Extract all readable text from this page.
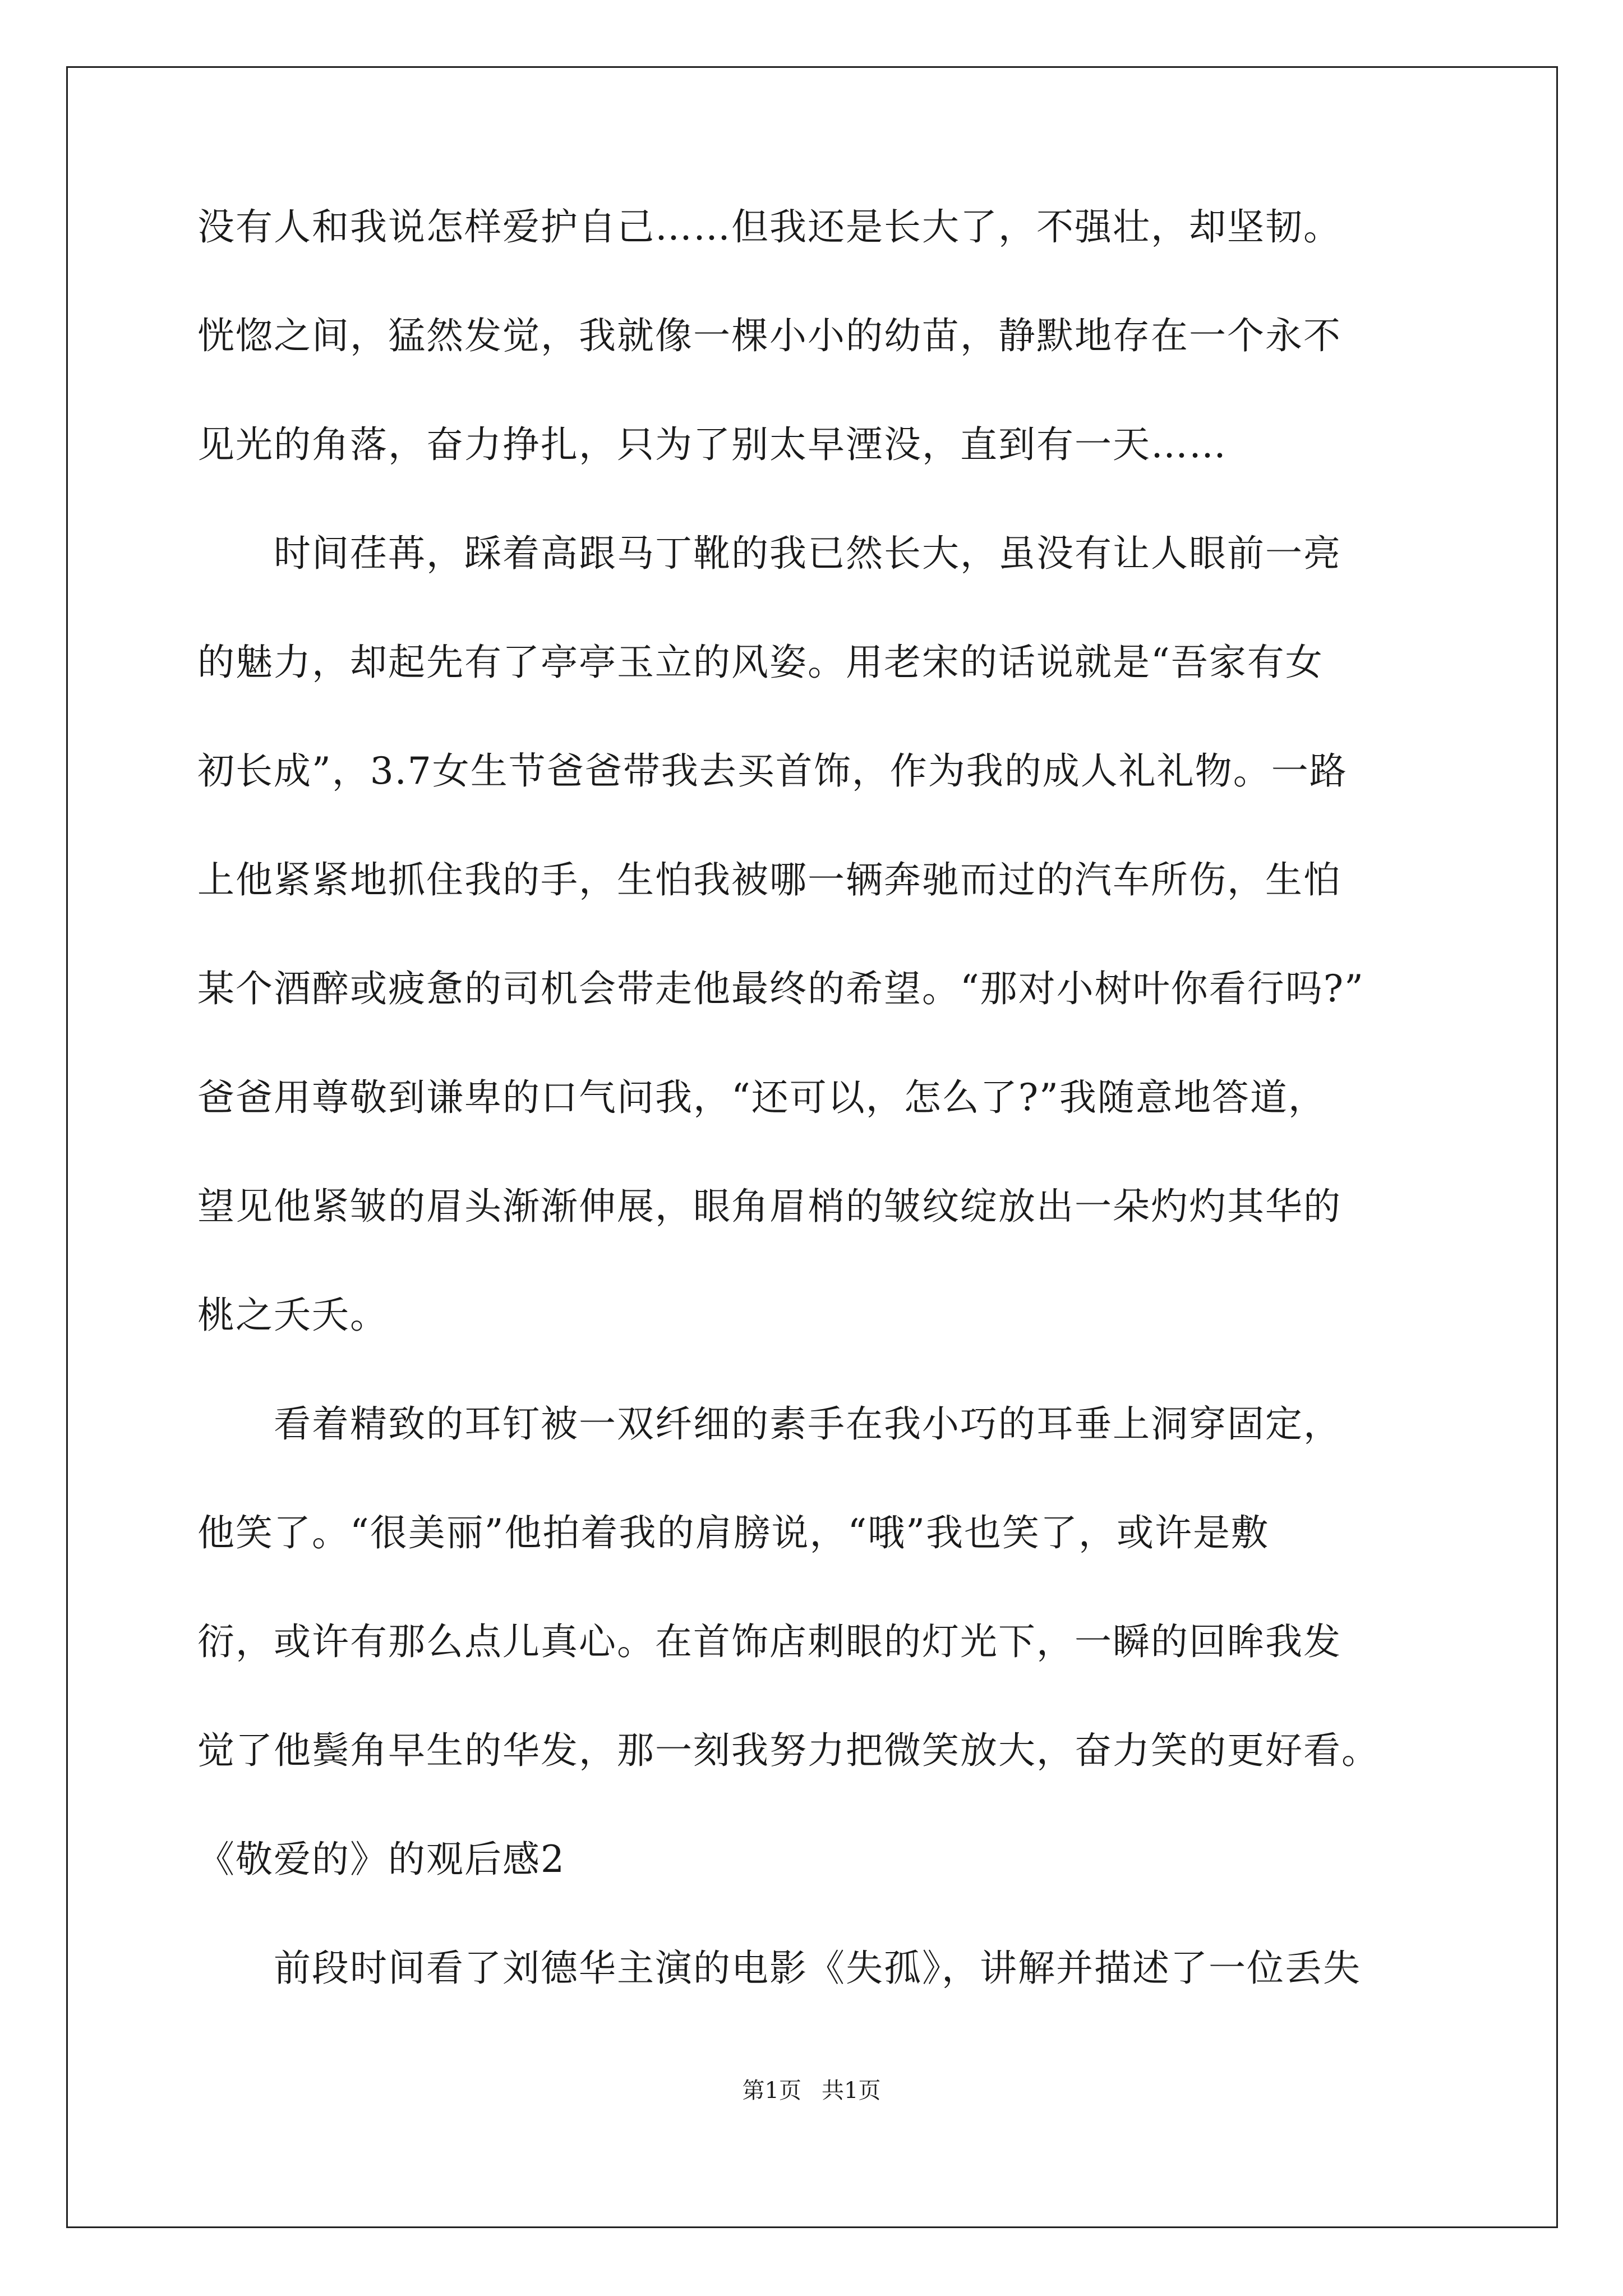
没有人和我说怎样爱护自己……但我还是长大了，不强壮，却坚韧。
恍惚之间，猛然发觉，我就像一棵小小的幼苗，静默地存在一个永不
见光的角落，奋力挣扎，只为了别太早湮没，直到有一天……
　　时间荏苒，踩着高跟马丁靴的我已然长大，虽没有让人眼前一亮
的魅力，却起先有了亭亭玉立的风姿。用老宋的话说就是“吾家有女
初长成”，3.7女生节爸爸带我去买首饰，作为我的成人礼礼物。一路
上他紧紧地抓住我的手，生怕我被哪一辆奔驰而过的汽车所伤，生怕
某个酒醉或疲惫的司机会带走他最终的希望。“那对小树叶你看行吗?”
爸爸用尊敬到谦卑的口气问我，“还可以，怎么了?”我随意地答道，
望见他紧皱的眉头渐渐伸展，眼角眉梢的皱纹绽放出一朵灼灼其华的
桃之夭夭。
　　看着精致的耳钉被一双纤细的素手在我小巧的耳垂上洞穿固定，
他笑了。“很美丽”他拍着我的肩膀说，“哦”我也笑了，或许是敷
衍，或许有那么点儿真心。在首饰店刺眼的灯光下，一瞬的回眸我发
觉了他鬓角早生的华发，那一刻我努力把微笑放大，奋力笑的更好看。
《敬爱的》的观后感2
　　前段时间看了刘德华主演的电影《失孤》，讲解并描述了一位丢失
第1页 共1页
